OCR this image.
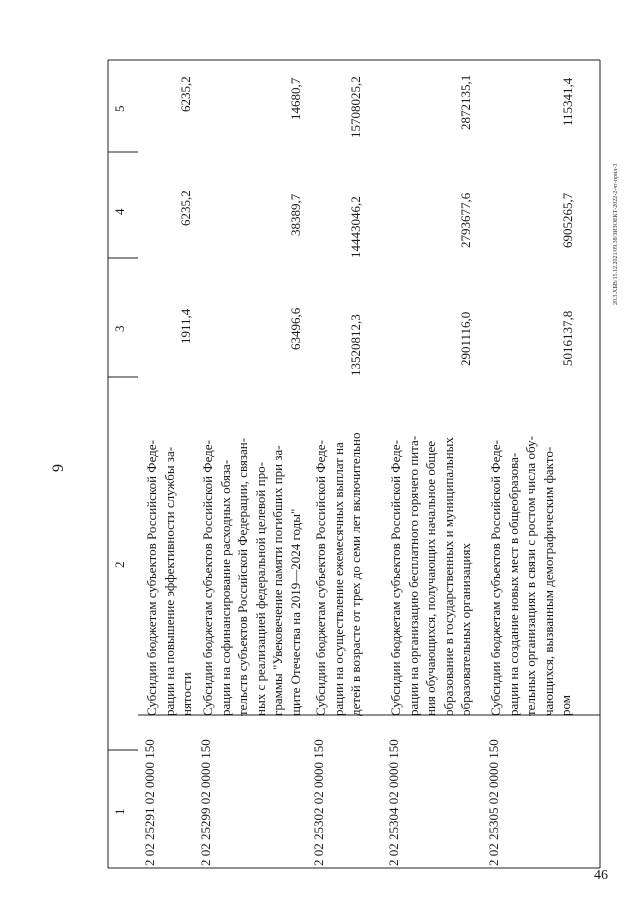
9
1
2
3
4
5
2 02 25291 02 0000 150

Субсидии бюджетам субъектов Российской Феде- рации на повышение эффективности службы за- нятости

1911,4
6235,2
6235,2
2 02 25299 02 0000 150

Субсидии бюджетам субъектов Российской Феде- рации на софинансирование расходных обяза- тельств субъектов Российской Федерации, связан- ных с реализацией федеральной целевой про- граммы "Увековечение памяти погибших при за- щите Отечества на 2019—2024 годы"

63496,6
38389,7
14680,7
2 02 25302 02 0000 150

Субсидии бюджетам субъектов Российской Феде- рации на осуществление ежемесячных выплат на детей в возрасте от трех до семи лет включительно

13520812,3
14443046,2
15708025,2
2 02 25304 02 0000 150

Субсидии бюджетам субъектов Российской Феде- рации на организацию бесплатного горячего пита- ния обучающихся, получающих начальное общее образование в государственных и муниципальных образовательных организациях

2901116,0
2793677,6
2872135,1
2 02 25305 02 0000 150

Субсидии бюджетам субъектов Российской Феде- рации на создание новых мест в общеобразова- тельных организациях в связи с ростом числа обу- чающихся, вызванным демографическим факто- ром

5016137,8
6905265,7
115341,4
20.3.ХБВ/15.12.2021/09.38/ЗИЗОЕКТ-2022-2-чт-прил-3
46
